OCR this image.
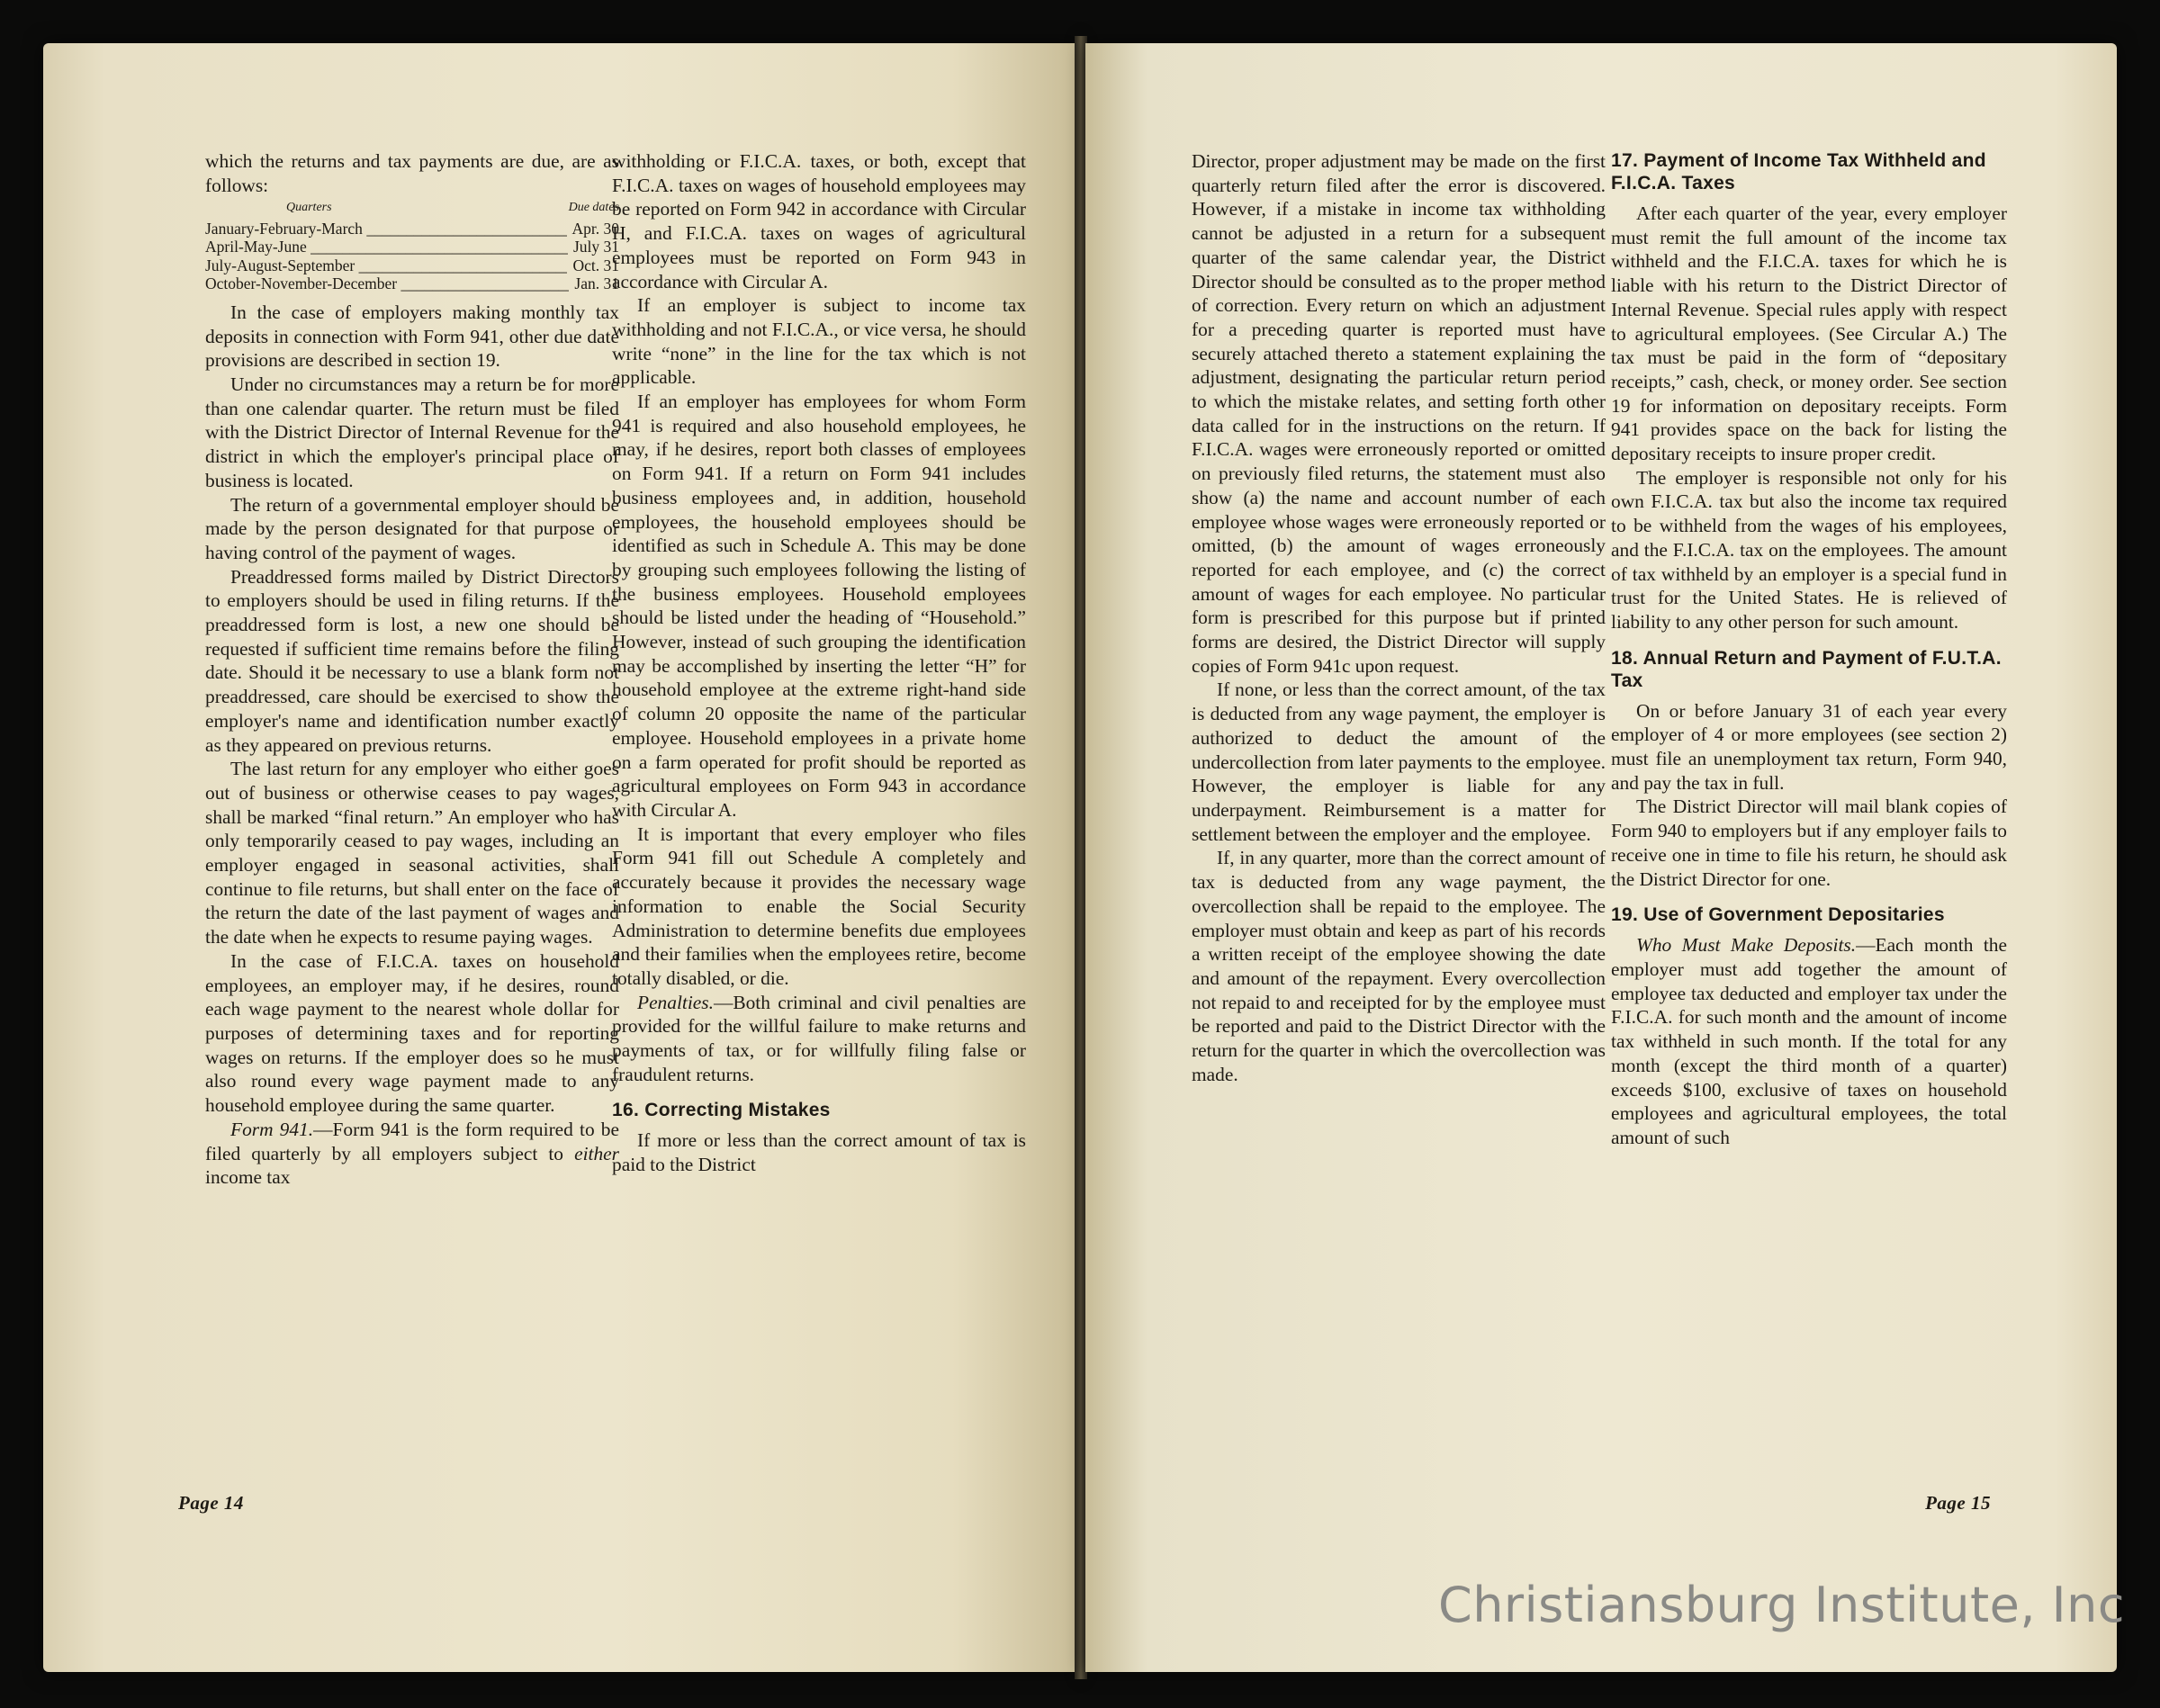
which the returns and tax payments are due, are as follows:

Quarters	Due dates
January-February-March _____	Apr. 30
April-May-June _____	July 31
July-August-September _____	Oct. 31
October-November-December _____	Jan. 31

In the case of employers making monthly tax deposits in connection with Form 941, other due date provisions are described in section 19.

Under no circumstances may a return be for more than one calendar quarter. The return must be filed with the District Director of Internal Revenue for the district in which the employer's principal place of business is located.

The return of a governmental employer should be made by the person designated for that purpose or having control of the payment of wages.

Preaddressed forms mailed by District Directors to employers should be used in filing returns. If the preaddressed form is lost, a new one should be requested if sufficient time remains before the filing date. Should it be necessary to use a blank form not preaddressed, care should be exercised to show the employer's name and identification number exactly as they appeared on previous returns.

The last return for any employer who either goes out of business or otherwise ceases to pay wages, shall be marked “final return.” An employer who has only temporarily ceased to pay wages, including an employer engaged in seasonal activities, shall continue to file returns, but shall enter on the face of the return the date of the last payment of wages and the date when he expects to resume paying wages.

In the case of F.I.C.A. taxes on household employees, an employer may, if he desires, round each wage payment to the nearest whole dollar for purposes of determining taxes and for reporting wages on returns. If the employer does so he must also round every wage payment made to any household employee during the same quarter.

Form 941.—Form 941 is the form required to be filed quarterly by all employers subject to either income tax

withholding or F.I.C.A. taxes, or both, except that F.I.C.A. taxes on wages of household employees may be reported on Form 942 in accordance with Circular H, and F.I.C.A. taxes on wages of agricultural employees must be reported on Form 943 in accordance with Circular A.

If an employer is subject to income tax withholding and not F.I.C.A., or vice versa, he should write “none” in the line for the tax which is not applicable.

If an employer has employees for whom Form 941 is required and also household employees, he may, if he desires, report both classes of employees on Form 941. If a return on Form 941 includes business employees and, in addition, household employees, the household employees should be identified as such in Schedule A. This may be done by grouping such employees following the listing of the business employees. Household employees should be listed under the heading of “Household.” However, instead of such grouping the identification may be accomplished by inserting the letter “H” for household employee at the extreme right-hand side of column 20 opposite the name of the particular employee. Household employees in a private home on a farm operated for profit should be reported as agricultural employees on Form 943 in accordance with Circular A.

It is important that every employer who files Form 941 fill out Schedule A completely and accurately because it provides the necessary wage information to enable the Social Security Administration to determine benefits due employees and their families when the employees retire, become totally disabled, or die.

Penalties.—Both criminal and civil penalties are provided for the willful failure to make returns and payments of tax, or for willfully filing false or fraudulent returns.

16. Correcting Mistakes

If more or less than the correct amount of tax is paid to the District

Page 14

Director, proper adjustment may be made on the first quarterly return filed after the error is discovered. However, if a mistake in income tax withholding cannot be adjusted in a return for a subsequent quarter of the same calendar year, the District Director should be consulted as to the proper method of correction. Every return on which an adjustment for a preceding quarter is reported must have securely attached thereto a statement explaining the adjustment, designating the particular return period to which the mistake relates, and setting forth other data called for in the instructions on the return. If F.I.C.A. wages were erroneously reported or omitted on previously filed returns, the statement must also show (a) the name and account number of each employee whose wages were erroneously reported or omitted, (b) the amount of wages erroneously reported for each employee, and (c) the correct amount of wages for each employee. No particular form is prescribed for this purpose but if printed forms are desired, the District Director will supply copies of Form 941c upon request.

If none, or less than the correct amount, of the tax is deducted from any wage payment, the employer is authorized to deduct the amount of the undercollection from later payments to the employee. However, the employer is liable for any underpayment. Reimbursement is a matter for settlement between the employer and the employee.

If, in any quarter, more than the correct amount of tax is deducted from any wage payment, the overcollection shall be repaid to the employee. The employer must obtain and keep as part of his records a written receipt of the employee showing the date and amount of the repayment. Every overcollection not repaid to and receipted for by the employee must be reported and paid to the District Director with the return for the quarter in which the overcollection was made.

17. Payment of Income Tax Withheld and F.I.C.A. Taxes

After each quarter of the year, every employer must remit the full amount of the income tax withheld and the F.I.C.A. taxes for which he is liable with his return to the District Director of Internal Revenue. Special rules apply with respect to agricultural employees. (See Circular A.) The tax must be paid in the form of “depositary receipts,” cash, check, or money order. See section 19 for information on depositary receipts. Form 941 provides space on the back for listing the depositary receipts to insure proper credit.

The employer is responsible not only for his own F.I.C.A. tax but also the income tax required to be withheld from the wages of his employees, and the F.I.C.A. tax on the employees. The amount of tax withheld by an employer is a special fund in trust for the United States. He is relieved of liability to any other person for such amount.

18. Annual Return and Payment of F.U.T.A. Tax

On or before January 31 of each year every employer of 4 or more employees (see section 2) must file an unemployment tax return, Form 940, and pay the tax in full.

The District Director will mail blank copies of Form 940 to employers but if any employer fails to receive one in time to file his return, he should ask the District Director for one.

19. Use of Government Depositaries

Who Must Make Deposits.—Each month the employer must add together the amount of employee tax deducted and employer tax under the F.I.C.A. for such month and the amount of income tax withheld in such month. If the total for any month (except the third month of a quarter) exceeds $100, exclusive of taxes on household employees and agricultural employees, the total amount of such

Page 15
Christiansburg Institute, Inc
